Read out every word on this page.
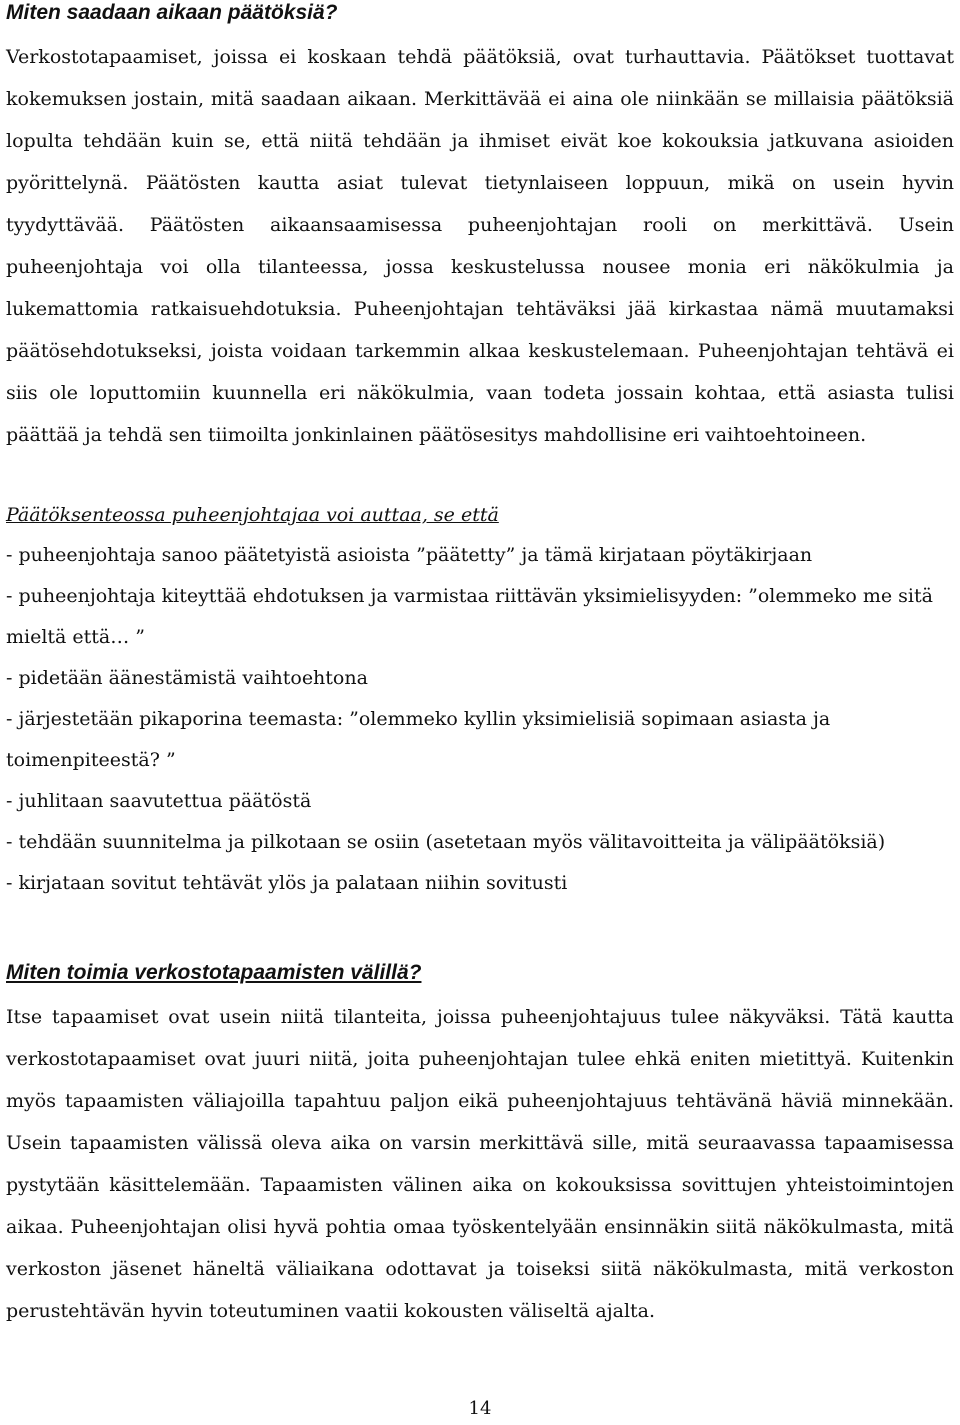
Miten saadaan aikaan päätöksiä?

Verkostotapaamiset, joissa ei koskaan tehdä päätöksiä, ovat turhauttavia. Päätökset tuottavat kokemuksen jostain, mitä saadaan aikaan. Merkittävää ei aina ole niinkään se millaisia päätöksiä lopulta tehdään kuin se, että niitä tehdään ja ihmiset eivät koe kokouksia jatkuvana asioiden pyörittelynä. Päätösten kautta asiat tulevat tietynlaiseen loppuun, mikä on usein hyvin tyydyttävää. Päätösten aikaansaamisessa puheenjohtajan rooli on merkittävä. Usein puheenjohtaja voi olla tilanteessa, jossa keskustelussa nousee monia eri näkökulmia ja lukemattomia ratkaisuehdotuksia. Puheenjohtajan tehtäväksi jää kirkastaa nämä muutamaksi päätösehdotukseksi, joista voidaan tarkemmin alkaa keskustelemaan. Puheenjohtajan tehtävä ei siis ole loputtomiin kuunnella eri näkökulmia, vaan todeta jossain kohtaa, että asiasta tulisi päättää ja tehdä sen tiimoilta jonkinlainen päätösesitys mahdollisine eri vaihtoehtoineen.

Päätöksenteossa puheenjohtajaa voi auttaa, se että

- puheenjohtaja sanoo päätetyistä asioista ”päätetty” ja tämä kirjataan pöytäkirjaan
- puheenjohtaja kiteyttää ehdotuksen ja varmistaa riittävän yksimielisyyden: ”olemmeko me sitä mieltä että… ”
- pidetään äänestämistä vaihtoehtona
- järjestetään pikaporina teemasta: ”olemmeko kyllin yksimielisiä sopimaan asiasta ja toimenpiteestä? ”
- juhlitaan saavutettua päätöstä
- tehdään suunnitelma ja pilkotaan se osiin (asetetaan myös välitavoitteita ja välipäätöksiä)
- kirjataan sovitut tehtävät ylös ja palataan niihin sovitusti
Miten toimia verkostotapaamisten välillä?

Itse tapaamiset ovat usein niitä tilanteita, joissa puheenjohtajuus tulee näkyväksi. Tätä kautta verkostotapaamiset ovat juuri niitä, joita puheenjohtajan tulee ehkä eniten mietittyä. Kuitenkin myös tapaamisten väliajoilla tapahtuu paljon eikä puheenjohtajuus tehtävänä häviä minnekään. Usein tapaamisten välissä oleva aika on varsin merkittävä sille, mitä seuraavassa tapaamisessa pystytään käsittelemään. Tapaamisten välinen aika on kokouksissa sovittujen yhteistoimintojen aikaa. Puheenjohtajan olisi hyvä pohtia omaa työskentelyään ensinnäkin siitä näkökulmasta, mitä verkoston jäsenet häneltä väliaikana odottavat ja toiseksi siitä näkökulmasta, mitä verkoston perustehtävän hyvin toteutuminen vaatii kokousten väliseltä ajalta.

14
